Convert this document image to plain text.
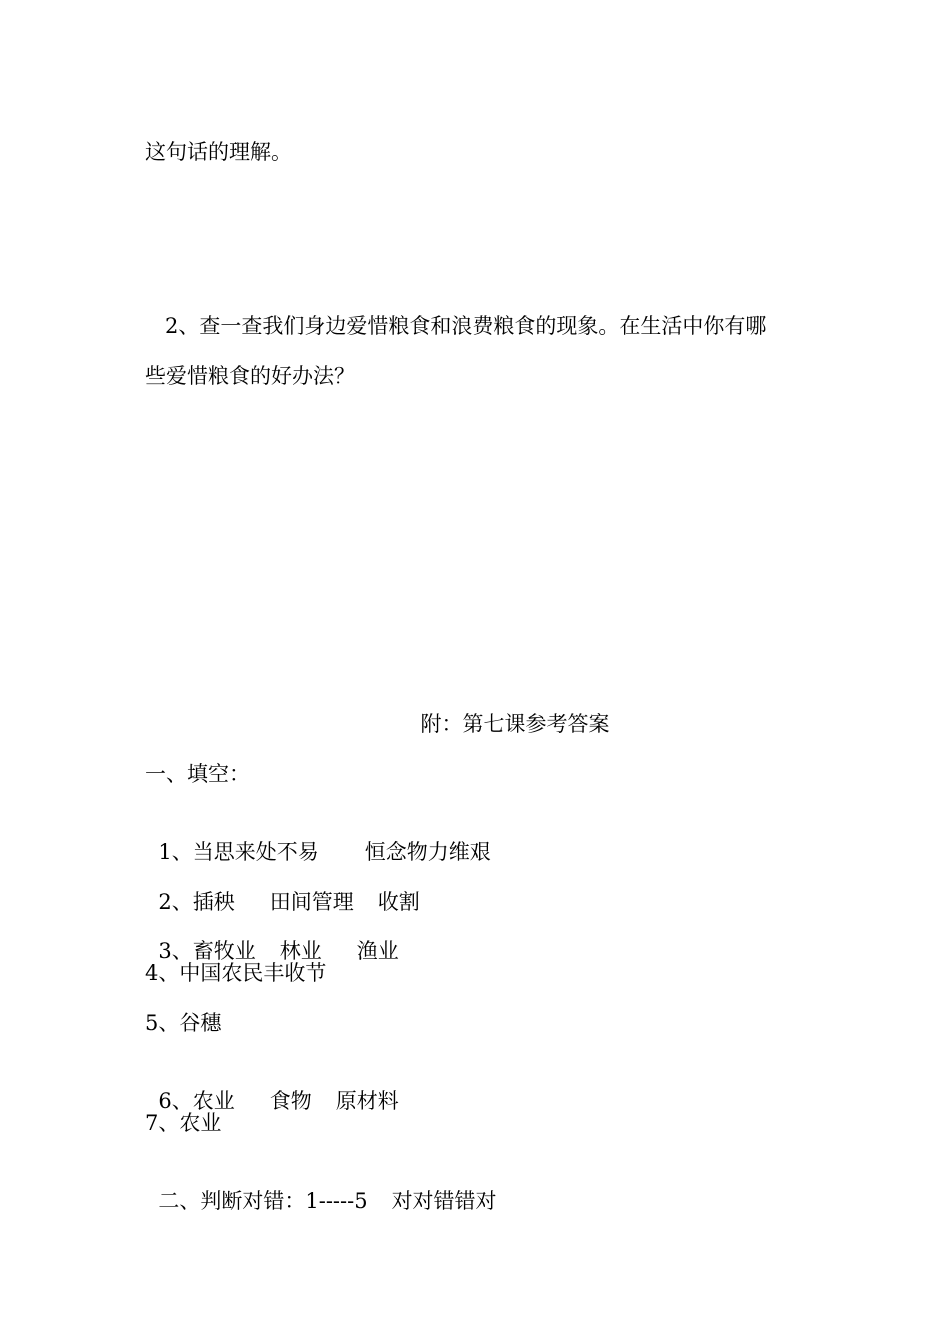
这句话的理解。
2、查一查我们身边爱惜粮食和浪费粮食的现象。在生活中你有哪
些爱惜粮食的好办法？
附：第七课参考答案
一、填空：

1、当思来处不易 恒念物力维艰

2、插秧 田间管理 收割

3、畜牧业 林业 渔业

4、中国农民丰收节
5、谷穗

6、农业 食物 原材料

7、农业

二、判断对错：1-----5 对对错错对
